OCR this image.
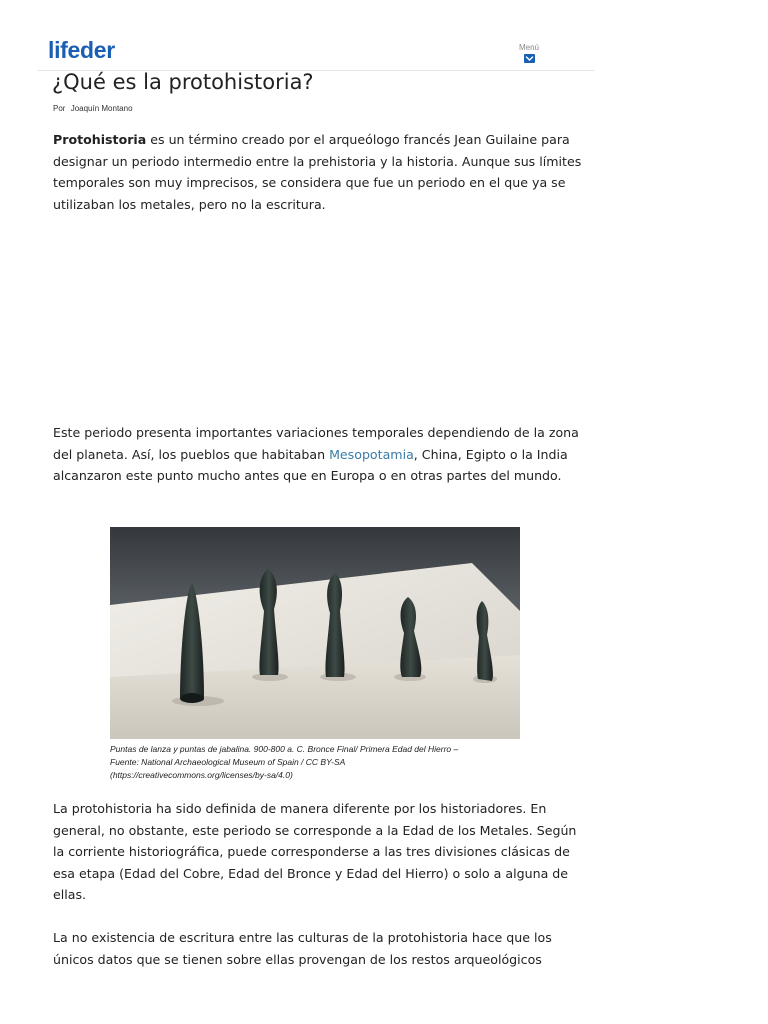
lifeder	Menú
¿Qué es la protohistoria?
Por Joaquín Montano

Protohistoria es un término creado por el arqueólogo francés Jean Guilaine para designar un periodo intermedio entre la prehistoria y la historia. Aunque sus límites temporales son muy imprecisos, se considera que fue un periodo en el que ya se utilizaban los metales, pero no la escritura.

Este periodo presenta importantes variaciones temporales dependiendo de la zona del planeta. Así, los pueblos que habitaban Mesopotamia, China, Egipto o la India alcanzaron este punto mucho antes que en Europa o en otras partes del mundo.

Puntas de lanza y puntas de jabalina. 900-800 a. C. Bronce Final/ Primera Edad del Hierro –
Fuente: National Archaeological Museum of Spain / CC BY-SA
(https://creativecommons.org/licenses/by-sa/4.0)

La protohistoria ha sido definida de manera diferente por los historiadores. En general, no obstante, este periodo se corresponde a la Edad de los Metales. Según la corriente historiográfica, puede corresponderse a las tres divisiones clásicas de esa etapa (Edad del Cobre, Edad del Bronce y Edad del Hierro) o solo a alguna de ellas.

La no existencia de escritura entre las culturas de la protohistoria hace que los únicos datos que se tienen sobre ellas provengan de los restos arqueológicos
